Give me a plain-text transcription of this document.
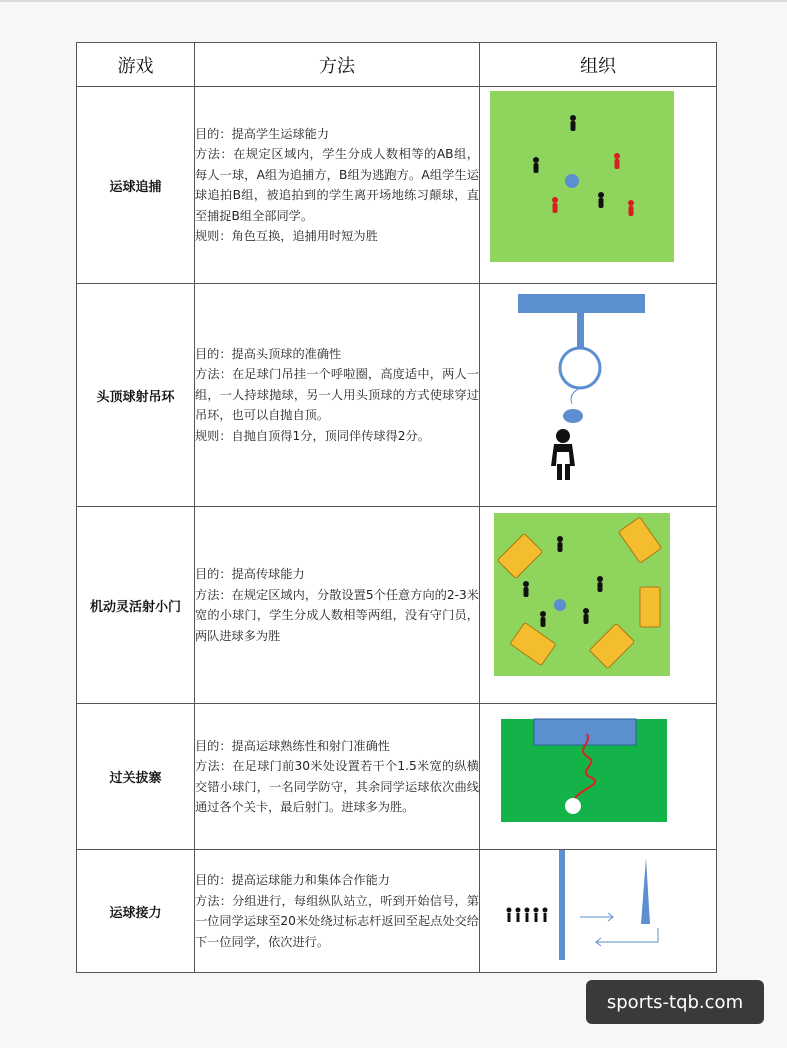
游戏	方法	组织
运球追捕	目的：提高学生运球能力

方法：在规定区域内，学生分成人数相等的AB组，每人一球，A组为追捕方，B组为逃跑方。A组学生运球追拍B组，被追拍到的学生离开场地练习颠球，直至捕捉B组全部同学。

规则：角色互换，追捕用时短为胜

头顶球射吊环	目的：提高头顶球的准确性

方法：在足球门吊挂一个呼啦圈，高度适中，两人一组，一人持球抛球，另一人用头顶球的方式使球穿过吊环，也可以自抛自顶。

规则：自抛自顶得1分，顶同伴传球得2分。

机动灵活射小门	目的：提高传球能力

方法：在规定区域内，分散设置5个任意方向的2-3米宽的小球门，学生分成人数相等两组，没有守门员，两队进球多为胜

过关拔寨	目的：提高运球熟练性和射门准确性

方法：在足球门前30米处设置若干个1.5米宽的纵横交错小球门，一名同学防守，其余同学运球依次曲线通过各个关卡，最后射门。进球多为胜。

运球接力	目的：提高运球能力和集体合作能力

方法：分组进行，每组纵队站立，听到开始信号，第一位同学运球至20米处绕过标志杆返回至起点处交给下一位同学，依次进行。

sports-tqb.com
